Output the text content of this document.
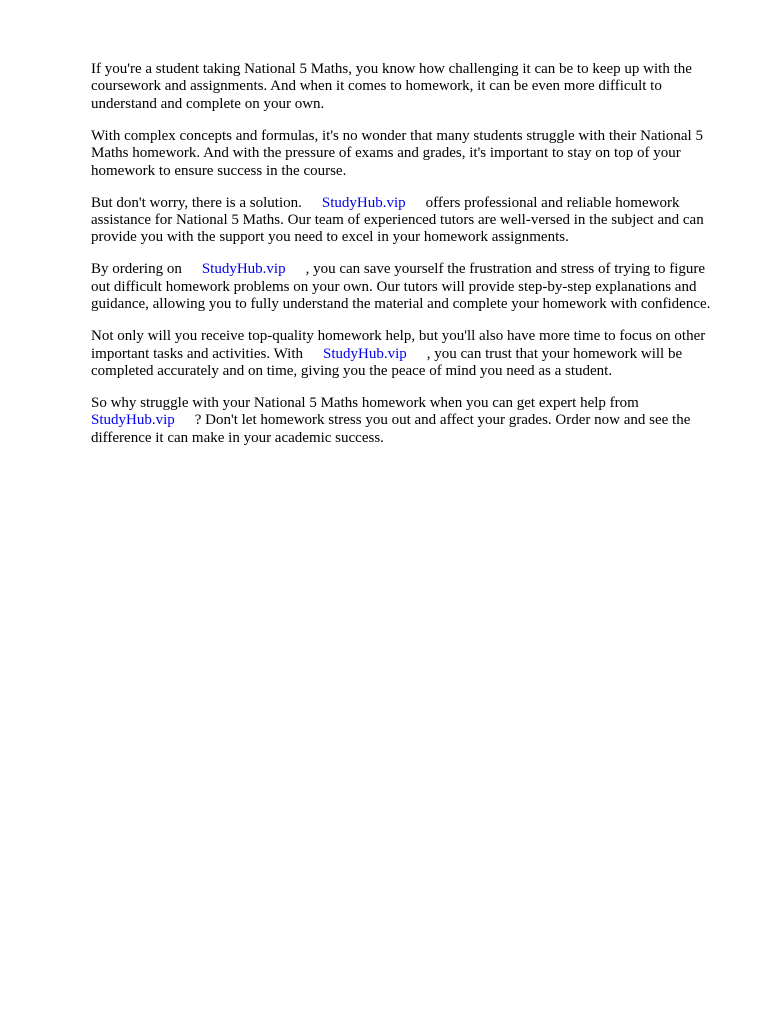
If you're a student taking National 5 Maths, you know how challenging it can be to keep up with the coursework and assignments. And when it comes to homework, it can be even more difficult to understand and complete on your own.

With complex concepts and formulas, it's no wonder that many students struggle with their National 5 Maths homework. And with the pressure of exams and grades, it's important to stay on top of your homework to ensure success in the course.

But don't worry, there is a solution. StudyHub.vip offers professional and reliable homework assistance for National 5 Maths. Our team of experienced tutors are well-versed in the subject and can provide you with the support you need to excel in your homework assignments.

By ordering on StudyHub.vip , you can save yourself the frustration and stress of trying to figure out difficult homework problems on your own. Our tutors will provide step-by-step explanations and guidance, allowing you to fully understand the material and complete your homework with confidence.

Not only will you receive top-quality homework help, but you'll also have more time to focus on other important tasks and activities. With StudyHub.vip , you can trust that your homework will be completed accurately and on time, giving you the peace of mind you need as a student.

So why struggle with your National 5 Maths homework when you can get expert help from StudyHub.vip ? Don't let homework stress you out and affect your grades. Order now and see the difference it can make in your academic success.
